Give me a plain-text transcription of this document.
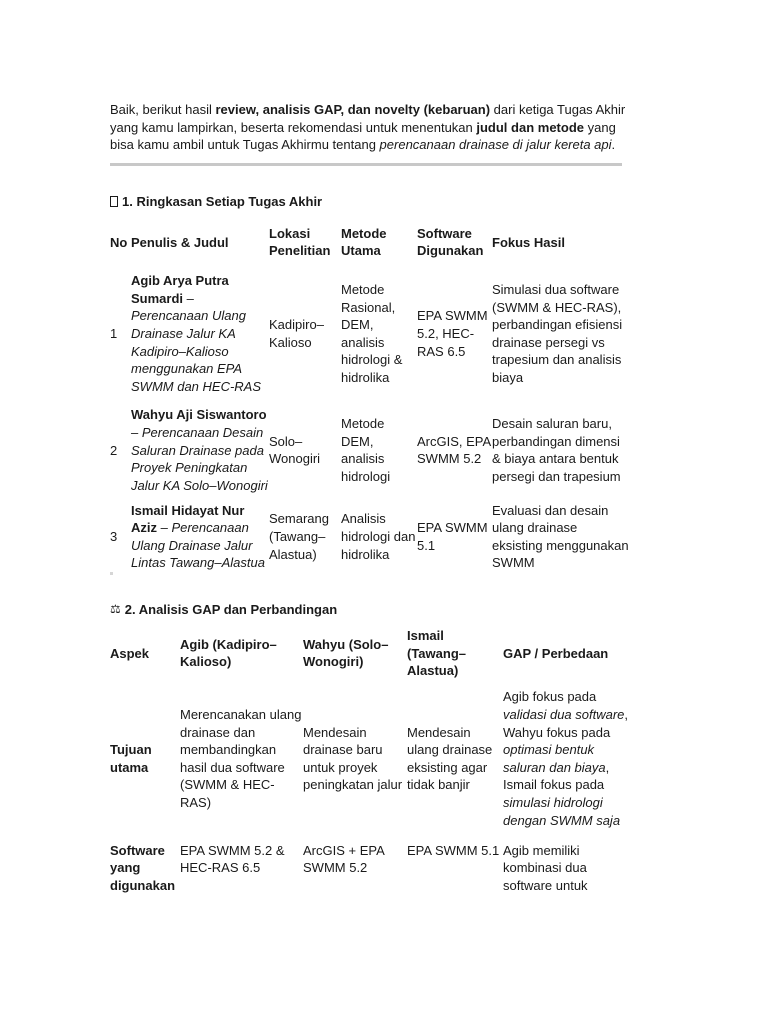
Baik, berikut hasil review, analisis GAP, dan novelty (kebaruan) dari ketiga Tugas Akhir yang kamu lampirkan, beserta rekomendasi untuk menentukan judul dan metode yang bisa kamu ambil untuk Tugas Akhirmu tentang perencanaan drainase di jalur kereta api.

1. Ringkasan Setiap Tugas Akhir

No	Penulis & Judul	Lokasi Penelitian	Metode Utama	Software Digunakan	Fokus Hasil
1	Agib Arya Putra Sumardi – Perencanaan Ulang Drainase Jalur KA Kadipiro–Kalioso menggunakan EPA SWMM dan HEC-RAS	Kadipiro– Kalioso	Metode Rasional, DEM, analisis hidrologi & hidrolika	EPA SWMM 5.2, HEC-RAS 6.5	Simulasi dua software (SWMM & HEC-RAS), perbandingan efisiensi drainase persegi vs trapesium dan analisis biaya
2	Wahyu Aji Siswantoro – Perencanaan Desain Saluran Drainase pada Proyek Peningkatan Jalur KA Solo–Wonogiri	Solo– Wonogiri	Metode DEM, analisis hidrologi	ArcGIS, EPA SWMM 5.2	Desain saluran baru, perbandingan dimensi & biaya antara bentuk persegi dan trapesium
3	Ismail Hidayat Nur Aziz – Perencanaan Ulang Drainase Jalur Lintas Tawang–Alastua	Semarang (Tawang– Alastua)	Analisis hidrologi dan hidrolika	EPA SWMM 5.1	Evaluasi dan desain ulang drainase eksisting menggunakan SWMM

⚖ 2. Analisis GAP dan Perbandingan

Aspek	Agib (Kadipiro– Kalioso)	Wahyu (Solo– Wonogiri)	Ismail (Tawang– Alastua)	GAP / Perbedaan
Tujuan utama	Merencanakan ulang drainase dan membandingkan hasil dua software (SWMM & HEC-RAS)	Mendesain drainase baru untuk proyek peningkatan jalur	Mendesain ulang drainase eksisting agar tidak banjir	Agib fokus pada validasi dua software, Wahyu fokus pada optimasi bentuk saluran dan biaya, Ismail fokus pada simulasi hidrologi dengan SWMM saja
Software yang digunakan	EPA SWMM 5.2 & HEC-RAS 6.5	ArcGIS + EPA SWMM 5.2	EPA SWMM 5.1	Agib memiliki kombinasi dua software untuk
